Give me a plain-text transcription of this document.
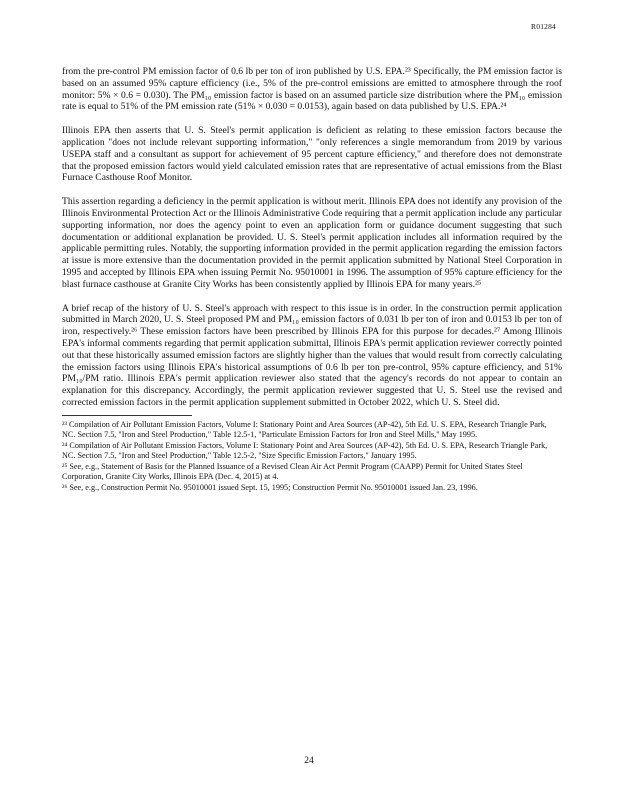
R01284

from the pre-control PM emission factor of 0.6 lb per ton of iron published by U.S. EPA.²³ Specifically, the PM emission factor is based on an assumed 95% capture efficiency (i.e., 5% of the pre-control emissions are emitted to atmosphere through the roof monitor: 5% × 0.6 = 0.030). The PM₁₀ emission factor is based on an assumed particle size distribution where the PM₁₀ emission rate is equal to 51% of the PM emission rate (51% × 0.030 = 0.0153), again based on data published by U.S. EPA.²⁴

Illinois EPA then asserts that U. S. Steel's permit application is deficient as relating to these emission factors because the application "does not include relevant supporting information," "only references a single memorandum from 2019 by various USEPA staff and a consultant as support for achievement of 95 percent capture efficiency," and therefore does not demonstrate that the proposed emission factors would yield calculated emission rates that are representative of actual emissions from the Blast Furnace Casthouse Roof Monitor.

This assertion regarding a deficiency in the permit application is without merit. Illinois EPA does not identify any provision of the Illinois Environmental Protection Act or the Illinois Administrative Code requiring that a permit application include any particular supporting information, nor does the agency point to even an application form or guidance document suggesting that such documentation or additional explanation be provided. U. S. Steel's permit application includes all information required by the applicable permitting rules. Notably, the supporting information provided in the permit application regarding the emission factors at issue is more extensive than the documentation provided in the permit application submitted by National Steel Corporation in 1995 and accepted by Illinois EPA when issuing Permit No. 95010001 in 1996. The assumption of 95% capture efficiency for the blast furnace casthouse at Granite City Works has been consistently applied by Illinois EPA for many years.²⁵

A brief recap of the history of U. S. Steel's approach with respect to this issue is in order. In the construction permit application submitted in March 2020, U. S. Steel proposed PM and PM₁₀ emission factors of 0.031 lb per ton of iron and 0.0153 lb per ton of iron, respectively.²⁶ These emission factors have been prescribed by Illinois EPA for this purpose for decades.²⁷ Among Illinois EPA's informal comments regarding that permit application submittal, Illinois EPA's permit application reviewer correctly pointed out that these historically assumed emission factors are slightly higher than the values that would result from correctly calculating the emission factors using Illinois EPA's historical assumptions of 0.6 lb per ton pre-control, 95% capture efficiency, and 51% PM₁₀/PM ratio. Illinois EPA's permit application reviewer also stated that the agency's records do not appear to contain an explanation for this discrepancy. Accordingly, the permit application reviewer suggested that U. S. Steel use the revised and corrected emission factors in the permit application supplement submitted in October 2022, which U. S. Steel did.

²³ Compilation of Air Pollutant Emission Factors, Volume I: Stationary Point and Area Sources (AP-42), 5th Ed. U. S. EPA, Research Triangle Park, NC. Section 7.5, "Iron and Steel Production," Table 12.5-1, "Particulate Emission Factors for Iron and Steel Mills," May 1995.

²⁴ Compilation of Air Pollutant Emission Factors, Volume I: Stationary Point and Area Sources (AP-42), 5th Ed. U. S. EPA, Research Triangle Park, NC. Section 7.5, "Iron and Steel Production," Table 12.5-2, "Size Specific Emission Factors," January 1995.

²⁵ See, e.g., Statement of Basis for the Planned Issuance of a Revised Clean Air Act Permit Program (CAAPP) Permit for United States Steel Corporation, Granite City Works, Illinois EPA (Dec. 4, 2015) at 4.

²⁶ See, e.g., Construction Permit No. 95010001 issued Sept. 15, 1995; Construction Permit No. 95010001 issued Jan. 23, 1996.

24
